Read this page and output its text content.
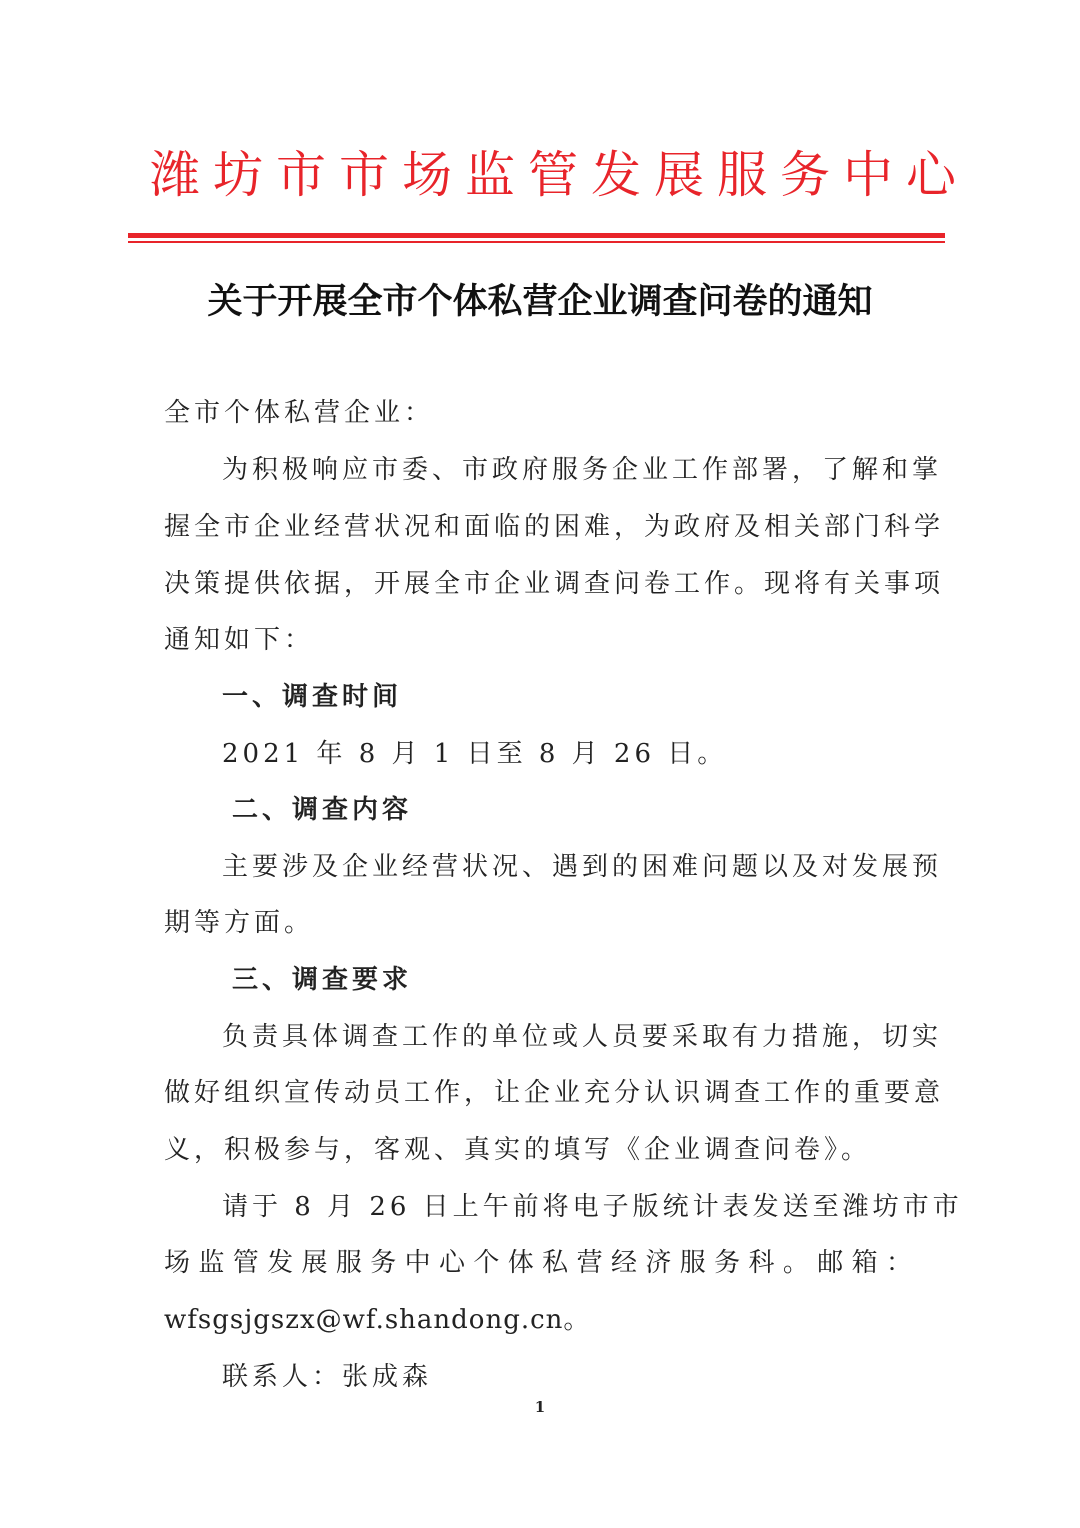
潍坊市市场监管发展服务中心
关于开展全市个体私营企业调查问卷的通知
全市个体私营企业：
为积极响应市委、市政府服务企业工作部署，了解和掌
握全市企业经营状况和面临的困难，为政府及相关部门科学
决策提供依据，开展全市企业调查问卷工作。现将有关事项
通知如下：
一、调查时间
2021 年 8 月 1 日至 8 月 26 日。
二、调查内容
主要涉及企业经营状况、遇到的困难问题以及对发展预
期等方面。
三、调查要求
负责具体调查工作的单位或人员要采取有力措施，切实
做好组织宣传动员工作，让企业充分认识调查工作的重要意
义，积极参与，客观、真实的填写《企业调查问卷》。
请于 8 月 26 日上午前将电子版统计表发送至潍坊市市
场监管发展服务中心个体私营经济服务科。邮箱：
wfsgsjgszx@wf.shandong.cn。
联系人：张成森
1
